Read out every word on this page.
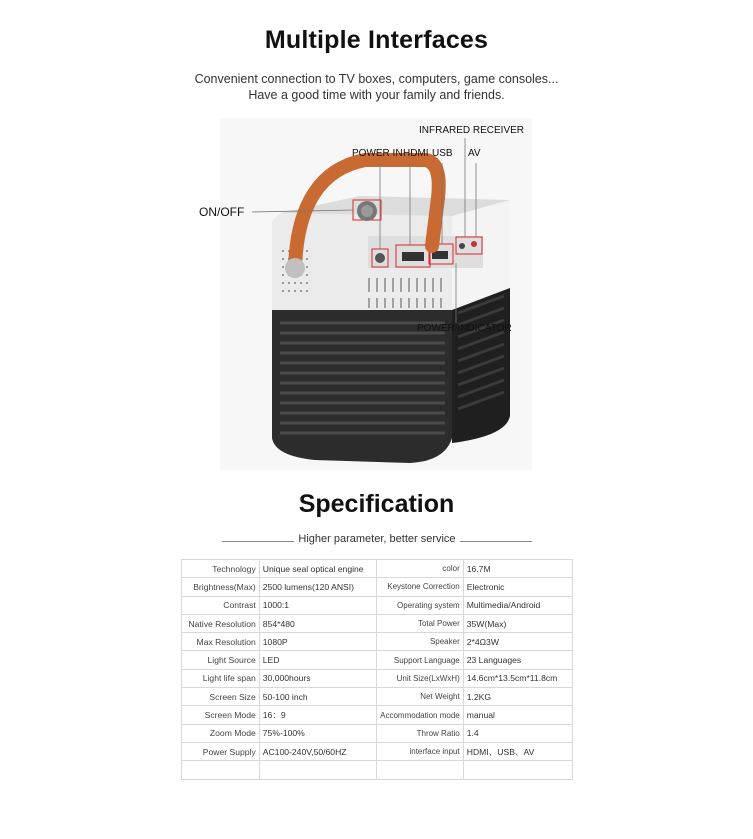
Multiple Interfaces
Convenient connection to TV boxes, computers, game consoles...
Have a good time with your family and friends.
INFRARED RECEIVER
POWER IN HDMI USB AV
ON/OFF
POWER INDICATOR
Specification
Higher parameter, better service
Technology	Unique seal optical engine	color	16.7M
Brightness(Max)	2500 lumens(120 ANSI)	Keystone Correction	Electronic
Contrast	1000:1	Operating system	Multimedia/Android
Native Resolution	854*480	Total Power	35W(Max)
Max Resolution	1080P	Speaker	2*4Ω3W
Light Source	LED	Support Language	23 Languages
Light life span	30,000hours	Unit Size(LxWxH)	14.6cm*13.5cm*11.8cm
Screen Size	50-100 inch	Net Weight	1.2KG
Screen Mode	16：9	Accommodation mode	manual
Zoom Mode	75%-100%	Throw Ratio	1.4
Power Supply	AC100-240V,50/60HZ	interface input	HDMI、USB、AV
